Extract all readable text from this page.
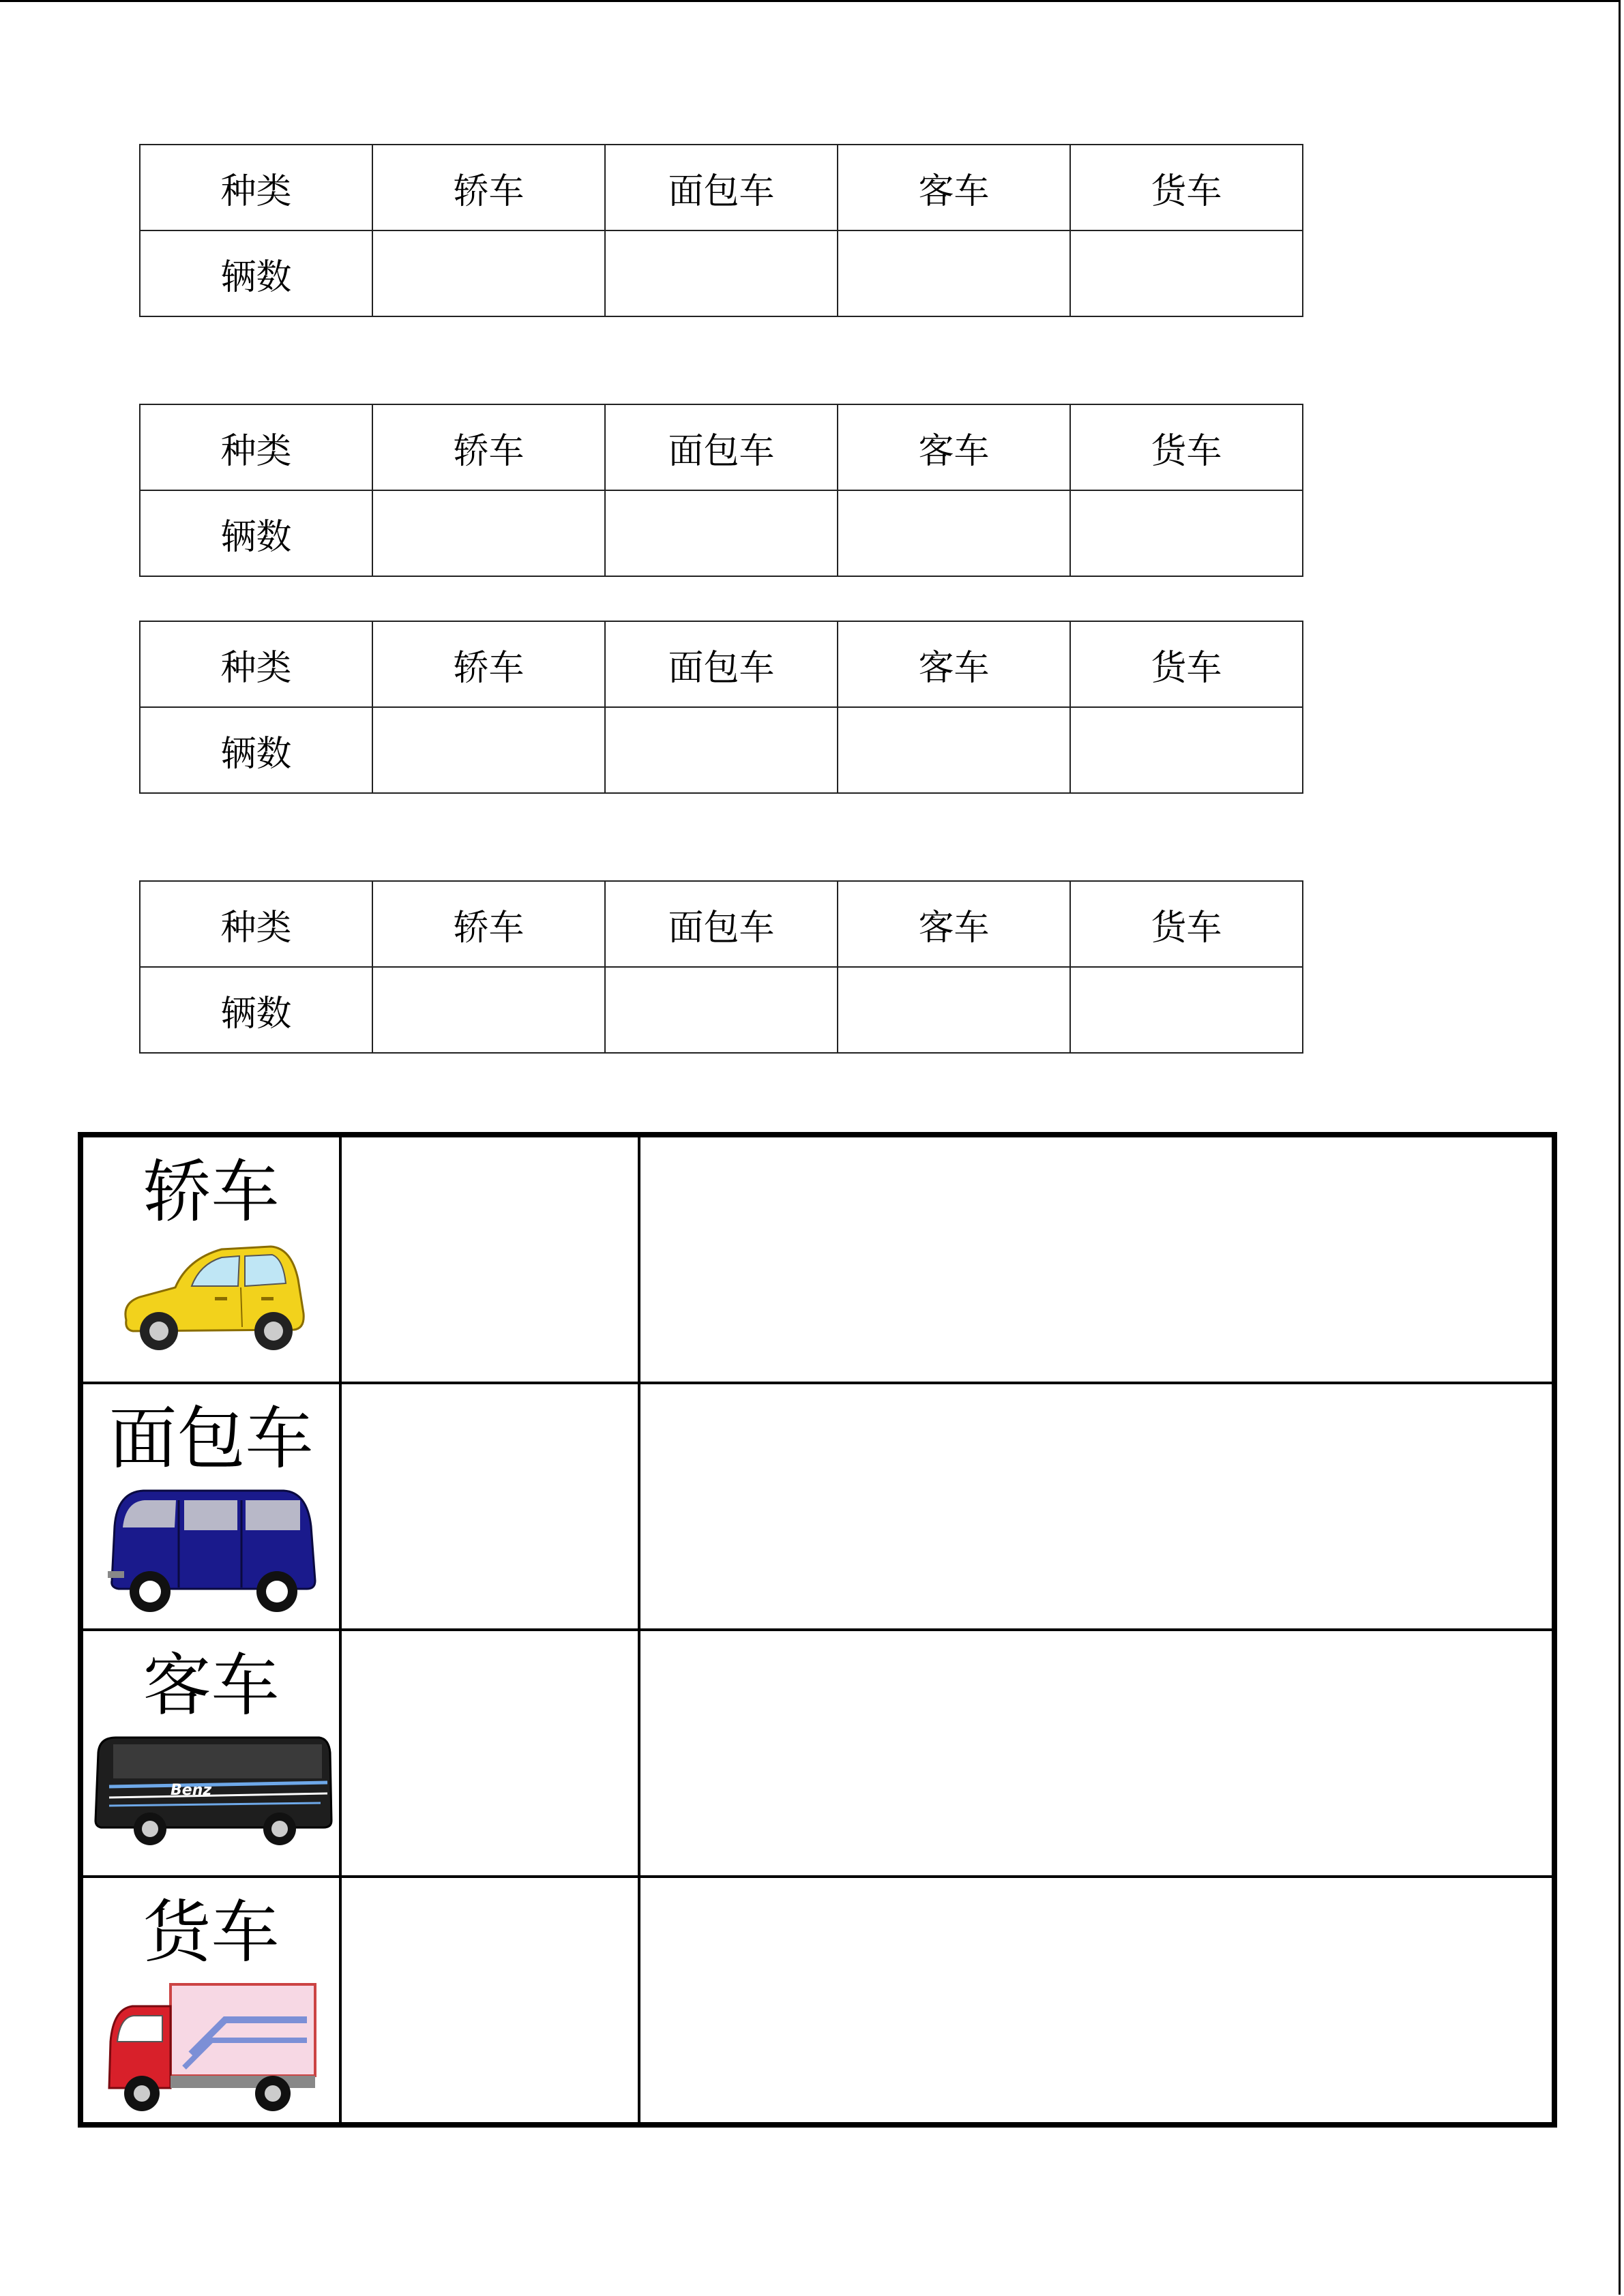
种类	轿车	面包车	客车	货车
辆数				
种类	轿车	面包车	客车	货车
辆数				
种类	轿车	面包车	客车	货车
辆数				
种类	轿车	面包车	客车	货车
辆数				
轿车		

面包车		

客车
Benz		

货车		
